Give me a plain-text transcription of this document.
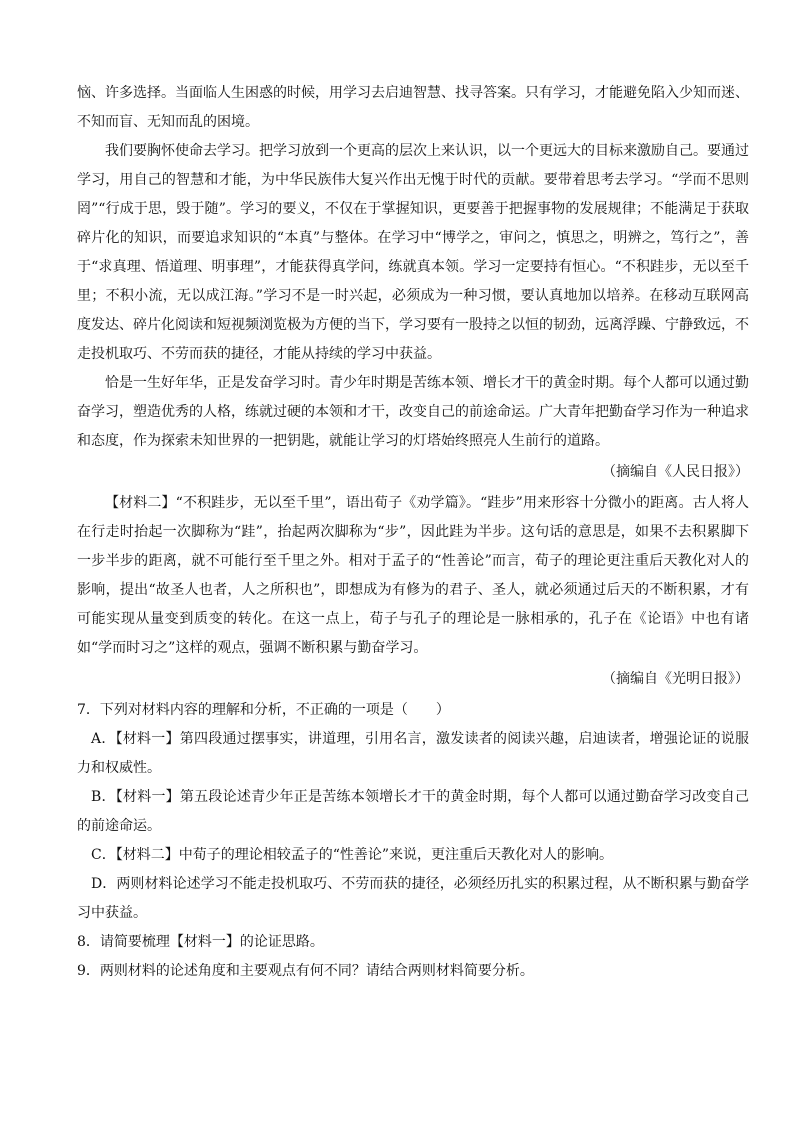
恼、许多选择。当面临人生困惑的时候，用学习去启迪智慧、找寻答案。只有学习，才能避免陷入少知而迷、不知而盲、无知而乱的困境。

我们要胸怀使命去学习。把学习放到一个更高的层次上来认识，以一个更远大的目标来激励自己。要通过学习，用自己的智慧和才能，为中华民族伟大复兴作出无愧于时代的贡献。要带着思考去学习。“学而不思则罔”“行成于思，毁于随”。学习的要义，不仅在于掌握知识，更要善于把握事物的发展规律；不能满足于获取碎片化的知识，而要追求知识的“本真”与整体。在学习中“博学之，审问之，慎思之，明辨之，笃行之”，善于“求真理、悟道理、明事理”，才能获得真学问，练就真本领。学习一定要持有恒心。“不积跬步，无以至千里；不积小流，无以成江海。”学习不是一时兴起，必须成为一种习惯，要认真地加以培养。在移动互联网高度发达、碎片化阅读和短视频浏览极为方便的当下，学习要有一股持之以恒的韧劲，远离浮躁、宁静致远，不走投机取巧、不劳而获的捷径，才能从持续的学习中获益。

恰是一生好年华，正是发奋学习时。青少年时期是苦练本领、增长才干的黄金时期。每个人都可以通过勤奋学习，塑造优秀的人格，练就过硬的本领和才干，改变自己的前途命运。广大青年把勤奋学习作为一种追求和态度，作为探索未知世界的一把钥匙，就能让学习的灯塔始终照亮人生前行的道路。

（摘编自《人民日报》）

【材料二】“不积跬步，无以至千里”，语出荀子《劝学篇》。“跬步”用来形容十分微小的距离。古人将人在行走时抬起一次脚称为“跬”，抬起两次脚称为“步”，因此跬为半步。这句话的意思是，如果不去积累脚下一步半步的距离，就不可能行至千里之外。相对于孟子的“性善论”而言，荀子的理论更注重后天教化对人的影响，提出“故圣人也者，人之所积也”，即想成为有修为的君子、圣人，就必须通过后天的不断积累，才有可能实现从量变到质变的转化。在这一点上，荀子与孔子的理论是一脉相承的，孔子在《论语》中也有诸如“学而时习之”这样的观点，强调不断积累与勤奋学习。

（摘编自《光明日报》）

7．下列对材料内容的理解和分析，不正确的一项是（　　）

A．【材料一】第四段通过摆事实，讲道理，引用名言，激发读者的阅读兴趣，启迪读者，增强论证的说服力和权威性。

B．【材料一】第五段论述青少年正是苦练本领增长才干的黄金时期，每个人都可以通过勤奋学习改变自己的前途命运。

C．【材料二】中荀子的理论相较孟子的“性善论”来说，更注重后天教化对人的影响。

D．两则材料论述学习不能走投机取巧、不劳而获的捷径，必须经历扎实的积累过程，从不断积累与勤奋学习中获益。

8．请简要梳理【材料一】的论证思路。

9．两则材料的论述角度和主要观点有何不同？请结合两则材料简要分析。
